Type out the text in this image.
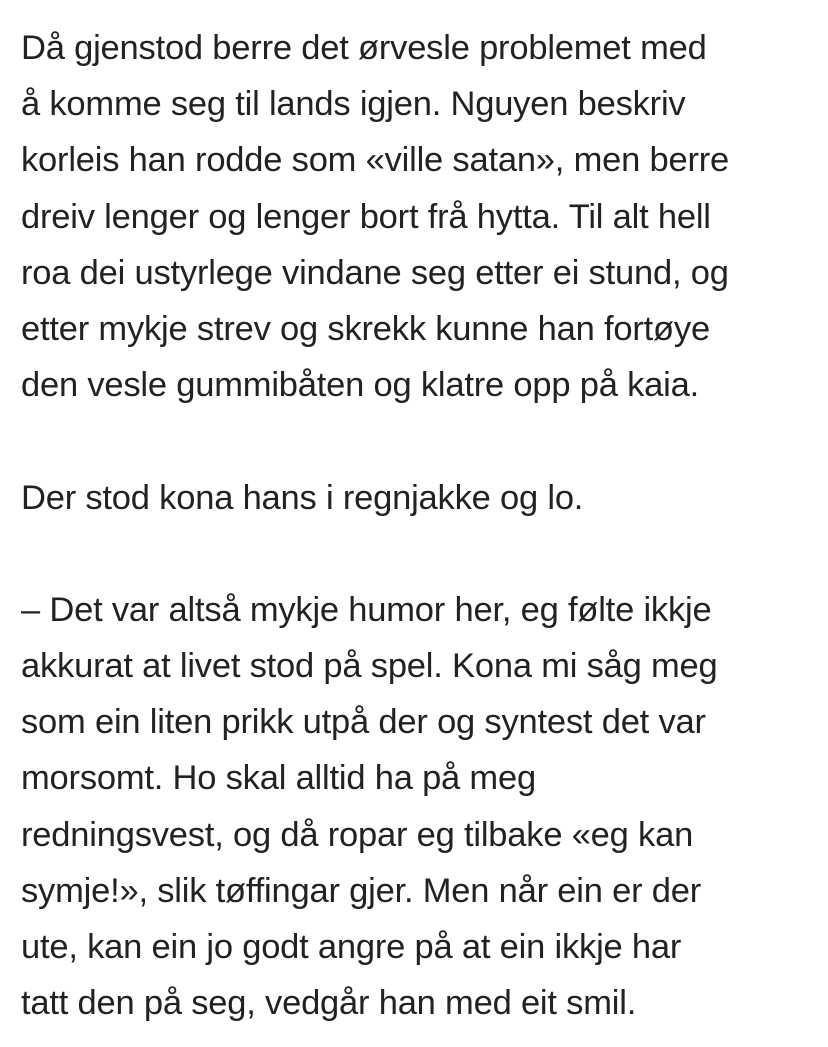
Då gjenstod berre det ørvesle problemet med
å komme seg til lands igjen. Nguyen beskriv
korleis han rodde som «ville satan», men berre
dreiv lenger og lenger bort frå hytta. Til alt hell
roa dei ustyrlege vindane seg etter ei stund, og
etter mykje strev og skrekk kunne han fortøye
den vesle gummibåten og klatre opp på kaia.

Der stod kona hans i regnjakke og lo.

– Det var altså mykje humor her, eg følte ikkje
akkurat at livet stod på spel. Kona mi såg meg
som ein liten prikk utpå der og syntest det var
morsomt. Ho skal alltid ha på meg
redningsvest, og då ropar eg tilbake «eg kan
symje!», slik tøffingar gjer. Men når ein er der
ute, kan ein jo godt angre på at ein ikkje har
tatt den på seg, vedgår han med eit smil.
